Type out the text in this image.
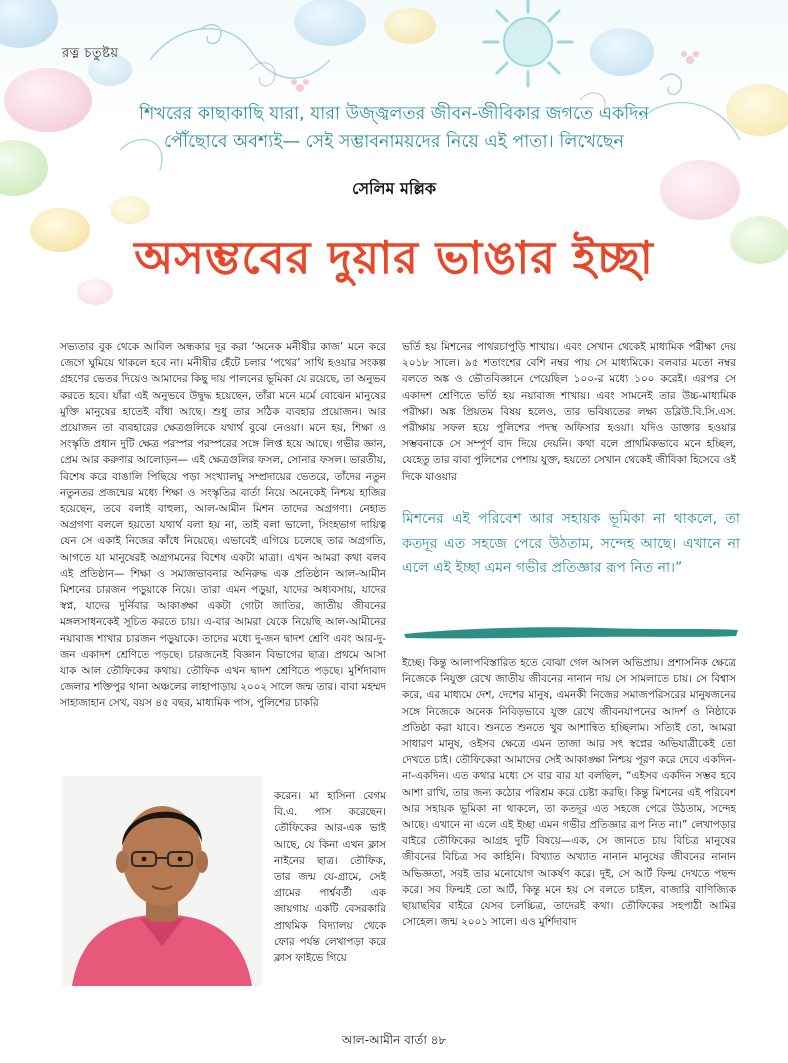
রত্ন চতুষ্টয়
শিখরের কাছাকাছি যারা, যারা উজ্জ্বলতর জীবন-জীবিকার জগতে একদিন
পৌঁছোবে অবশ্যই— সেই সম্ভাবনাময়দের নিয়ে এই পাতা। লিখেছেন
সেলিম মল্লিক
অসম্ভবের দুয়ার ভাঙার ইচ্ছা

সভ্যতার বুক থেকে আবিল অন্ধকার দূর করা ‘অনেক মনীষীর কাজ’ মনে করে জেগে ঘুমিয়ে থাকলে হবে না। মনীষীর হেঁটে চলার ‘পথের’ সাথি হওয়ার সংকল্প গ্রহণের ভেতর দিয়েও আমাদের কিছু দায় পালনের ভূমিকা যে রয়েছে, তা অনুভব করতে হবে। যাঁরা এই অনুভবে উদ্বুদ্ধ হয়েছেন, তাঁরা মনে মর্মে বোঝেন মানুষের মুক্তি মানুষের হাতেই বাঁধা আছে। শুধু তার সঠিক ব্যবহার প্রয়োজন। আর প্রয়োজন তা ব্যবহারের ক্ষেত্রগুলিকে যথার্থ বুঝে নেওয়া। মনে হয়, শিক্ষা ও সংস্কৃতি প্রধান দুটি ক্ষেত্র পরস্পর পরস্পরের সঙ্গে লিপ্ত হয়ে আছে। গভীর জ্ঞান, প্রেম আর করুণার আলোড়ন— এই ক্ষেত্রগুলির ফসল, সোনার ফসল। ভারতীয়, বিশেষ করে বাঙালি পিছিয়ে পড়া সংখ্যালঘু সম্প্রদায়ের ভেতরে, তাঁদের নতুন নতুনতর প্রজন্মের মধ্যে শিক্ষা ও সংস্কৃতির বার্তা নিয়ে অনেকেই নিশ্চয় হাজির হয়েছেন, তবে বলাই বাহুল্য, আল-আমীন মিশন তাদের অগ্রগণ্য। নেহাত অগ্রগণ্য বললে হয়তো যথার্থ বলা হয় না, তাই বলা ভালো, সিংহভাগ দায়িত্ব যেন সে একাই নিজের কাঁধে নিয়েছে। এভাবেই এগিয়ে চলেছে তার অগ্রগতি, আগতে যা মানুষেরই অগ্রগমনের বিশেষ একটা মাত্রা। এখন আমরা কথা বলব এই প্রতিষ্ঠান— শিক্ষা ও সমাজভাবনার অনিরুদ্ধ এক প্রতিষ্ঠান আল-আমীন মিশনের চারজন পড়ুয়াকে নিয়ে। তারা এমন পড়ুয়া, যাদের অধ্যবসায়, যাদের স্বপ্ন, যাদের দুর্নিবার আকাঙ্ক্ষা একটা গোটা জাতির, জাতীয় জীবনের মঙ্গলসাধনকেই সূচিত করতে চায়। এ-বার আমরা যেকে নিয়েছি আল-আমীনের নয়াবাজ শাখার চারজন পড়ুয়াকে। তাদের মধ্যে দু-জন দ্বাদশ শ্রেণি এবং আর-দু-জন একাদশ শ্রেণিতে পড়ছে। চারজনেই বিজ্ঞান বিভাগের ছাত্র। প্রথমে আসা যাক আল তৌফিকের কথায়। তৌফিক এখন দ্বাদশ শ্রেণিতে পড়ছে। মুর্শিদাবাদ জেলার শক্তিপুর থানা অঞ্চলের লাহাপাড়ায় ২০০২ সালে জন্ম তার। বাবা মহম্মদ সাহাজাহান সেখ, বয়স ৪৫ বছর, মাধ্যমিক পাস, পুলিশের চাকরি

করেন। মা হাসিনা বেগম বি.এ. পাস করেছেন। তৌফিকের আর-এক ভাই আছে, যে কিনা এখন ক্লাস নাইনের ছাত্র। তৌফিক, তার জন্ম যে-গ্রামে, সেই গ্রামের পার্শ্ববর্তী এক জায়গায় একটি বেসরকারি প্রাথমিক বিদ্যালয় থেকে ফোর পর্যন্ত লেখাপড়া করে ক্লাস ফাইভে গিয়ে

ভর্তি হয় মিশনের পাথরচাপুড়ি শাখায়। এবং সেখান থেকেই মাধ্যমিক পরীক্ষা দেয় ২০১৮ সালে। ৯৫ শতাংশের বেশি নম্বর পায় সে মাধ্যমিকে। বলবার মতো নম্বর বলতে অঙ্ক ও ভৌতবিজ্ঞানে পেয়েছিল ১০০-র মধ্যে ১০০ করেই। এরপর সে একাদশ শ্রেণিতে ভর্তি হয় নয়াবাজ শাখায়। এবং সামনেই তার উচ্চ-মাধ্যমিক পরীক্ষা। অঙ্ক প্রিয়তম বিষয় হলেও, তার ভবিষ্যতের লক্ষ্য ডব্লিউ.বি.সি.এস. পরীক্ষায় সফল হয়ে পুলিশের পদস্থ অফিসার হওয়া। যদিও ডাক্তার হওয়ার সম্ভবনাকে সে সম্পূর্ণ বাদ দিয়ে দেয়নি। কথা বলে প্রাথমিকভাবে মনে হচ্ছিল, যেহেতু তার বাবা পুলিশের পেশায় যুক্ত, হয়তো সেখান থেকেই জীবিকা হিসেবে ওই দিকে যাওয়ার

মিশনের এই পরিবেশ আর সহায়ক ভূমিকা না থাকলে, তা কতদূর এত সহজে পেরে উঠতাম, সন্দেহ আছে। এখানে না এলে এই ইচ্ছা এমন গভীর প্রতিজ্ঞার রূপ নিত না।”

ইচ্ছে। কিন্তু আলাপবিস্তারিত হতে বোঝা গেল আসল অভিপ্রায়। প্রশাসনিক ক্ষেত্রে নিজেকে নিযুক্ত রেখে জাতীয় জীবনের নানান দায় সে সামলাতে চায়। সে বিশ্বাস করে, এর মাধ্যমে দেশ, দেশের মানুষ, এমনকী নিজের সমাজপরিসরের মানুষজনের সঙ্গে নিজেকে অনেক নিবিড়ভাবে যুক্ত রেখে জীবনযাপনের আদর্শ ও নিষ্ঠাকে প্রতিষ্ঠা করা যাবে। শুনতে শুনতে খুব আশান্বিত হচ্ছিলাম। সত্যিই তো, আমরা সাধারণ মানুষ, ওইসব ক্ষেত্রে এমন তাজা আর সৎ স্বপ্নের অভিযাত্রীকেই তো দেখতে চাই। তৌফিকেরা আমাদের সেই আকাঙ্ক্ষা নিশ্চয় পূরণ করে দেবে একদিন-না-একদিন। এত কথার মধ্যে সে বার বার যা বলছিল, “এইসব একদিন সম্ভব হবে আশা রাখি, তার জন্য কঠোর পরিশ্রম করে চেষ্টা করছি। কিন্তু মিশনের এই পরিবেশ আর সহায়ক ভূমিকা না থাকলে, তা কতদূর এত সহজে পেরে উঠতাম, সন্দেহ আছে। এখানে না এলে এই ইচ্ছা এমন গভীর প্রতিজ্ঞার রূপ নিত না।” লেখাপড়ার বাইরে তৌফিকের আগ্রহ দুটি বিষয়ে—এক, সে জানতে চায় বিচিত্র মানুষের জীবনের বিচিত্র সব কাহিনি। বিখ্যাত অখ্যাত নানান মানুষের জীবনের নানান অভিজ্ঞতা, সবই তার মনোযোগ আকর্ষণ করে। দুই, সে আর্ট ফিল্ম দেখতে পছন্দ করে। সব ফিল্মই তো আর্ট, কিন্তু মনে হয় সে বলতে চাইল, বাজারি বাণিজ্যিক ছায়াছবির বাইরে যেসব চলচ্চিত্র, তাদেরই কথা। তৌফিকের সহপাঠী আমির সোহেল। জন্ম ২০০১ সালে। এও মুর্শিদাবাদ

আল-আমীন বার্তা ৪৮
